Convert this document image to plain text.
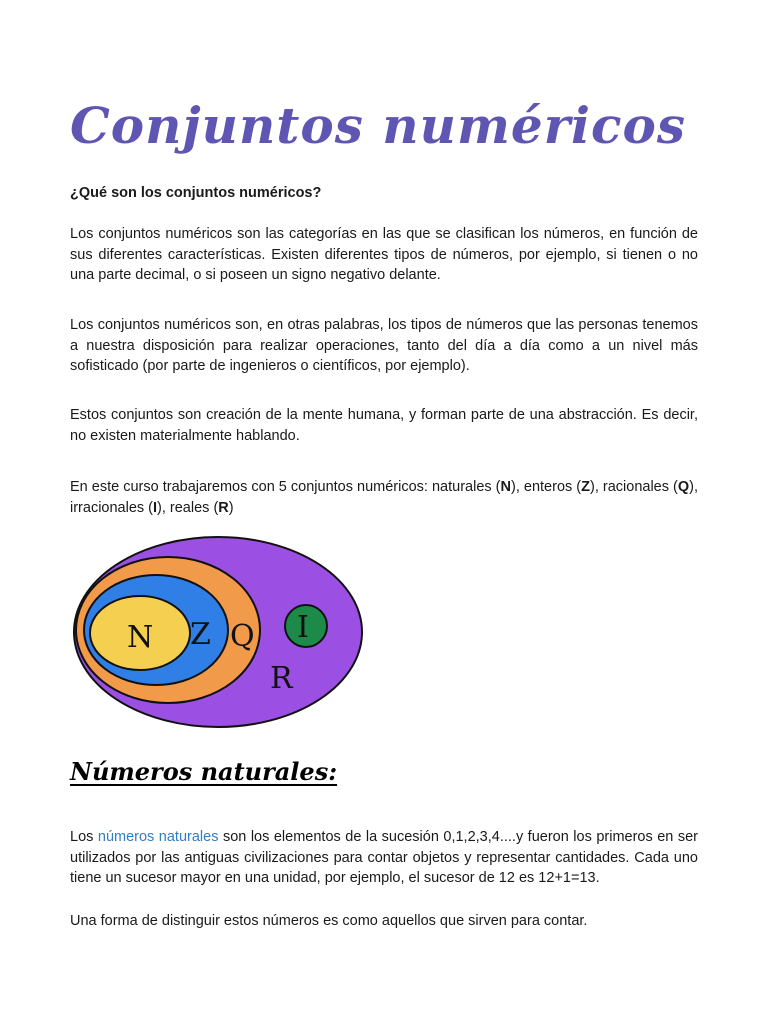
Conjuntos numéricos

¿Qué son los conjuntos numéricos?

Los conjuntos numéricos son las categorías en las que se clasifican los números, en función de sus diferentes características. Existen diferentes tipos de números, por ejemplo, si tienen o no una parte decimal, o si poseen un signo negativo delante.

Los conjuntos numéricos son, en otras palabras, los tipos de números que las personas tenemos a nuestra disposición para realizar operaciones, tanto del día a día como a un nivel más sofisticado (por parte de ingenieros o científicos, por ejemplo).

Estos conjuntos son creación de la mente humana, y forman parte de una abstracción. Es decir, no existen materialmente hablando.

En este curso trabajaremos con 5 conjuntos numéricos: naturales (N), enteros (Z), racionales (Q), irracionales (I), reales (R)

N Z Q I
R
Números naturales:

Los números naturales son los elementos de la sucesión 0,1,2,3,4....y fueron los primeros en ser utilizados por las antiguas civilizaciones para contar objetos y representar cantidades. Cada uno tiene un sucesor mayor en una unidad, por ejemplo, el sucesor de 12 es 12+1=13.

Una forma de distinguir estos números es como aquellos que sirven para contar.
